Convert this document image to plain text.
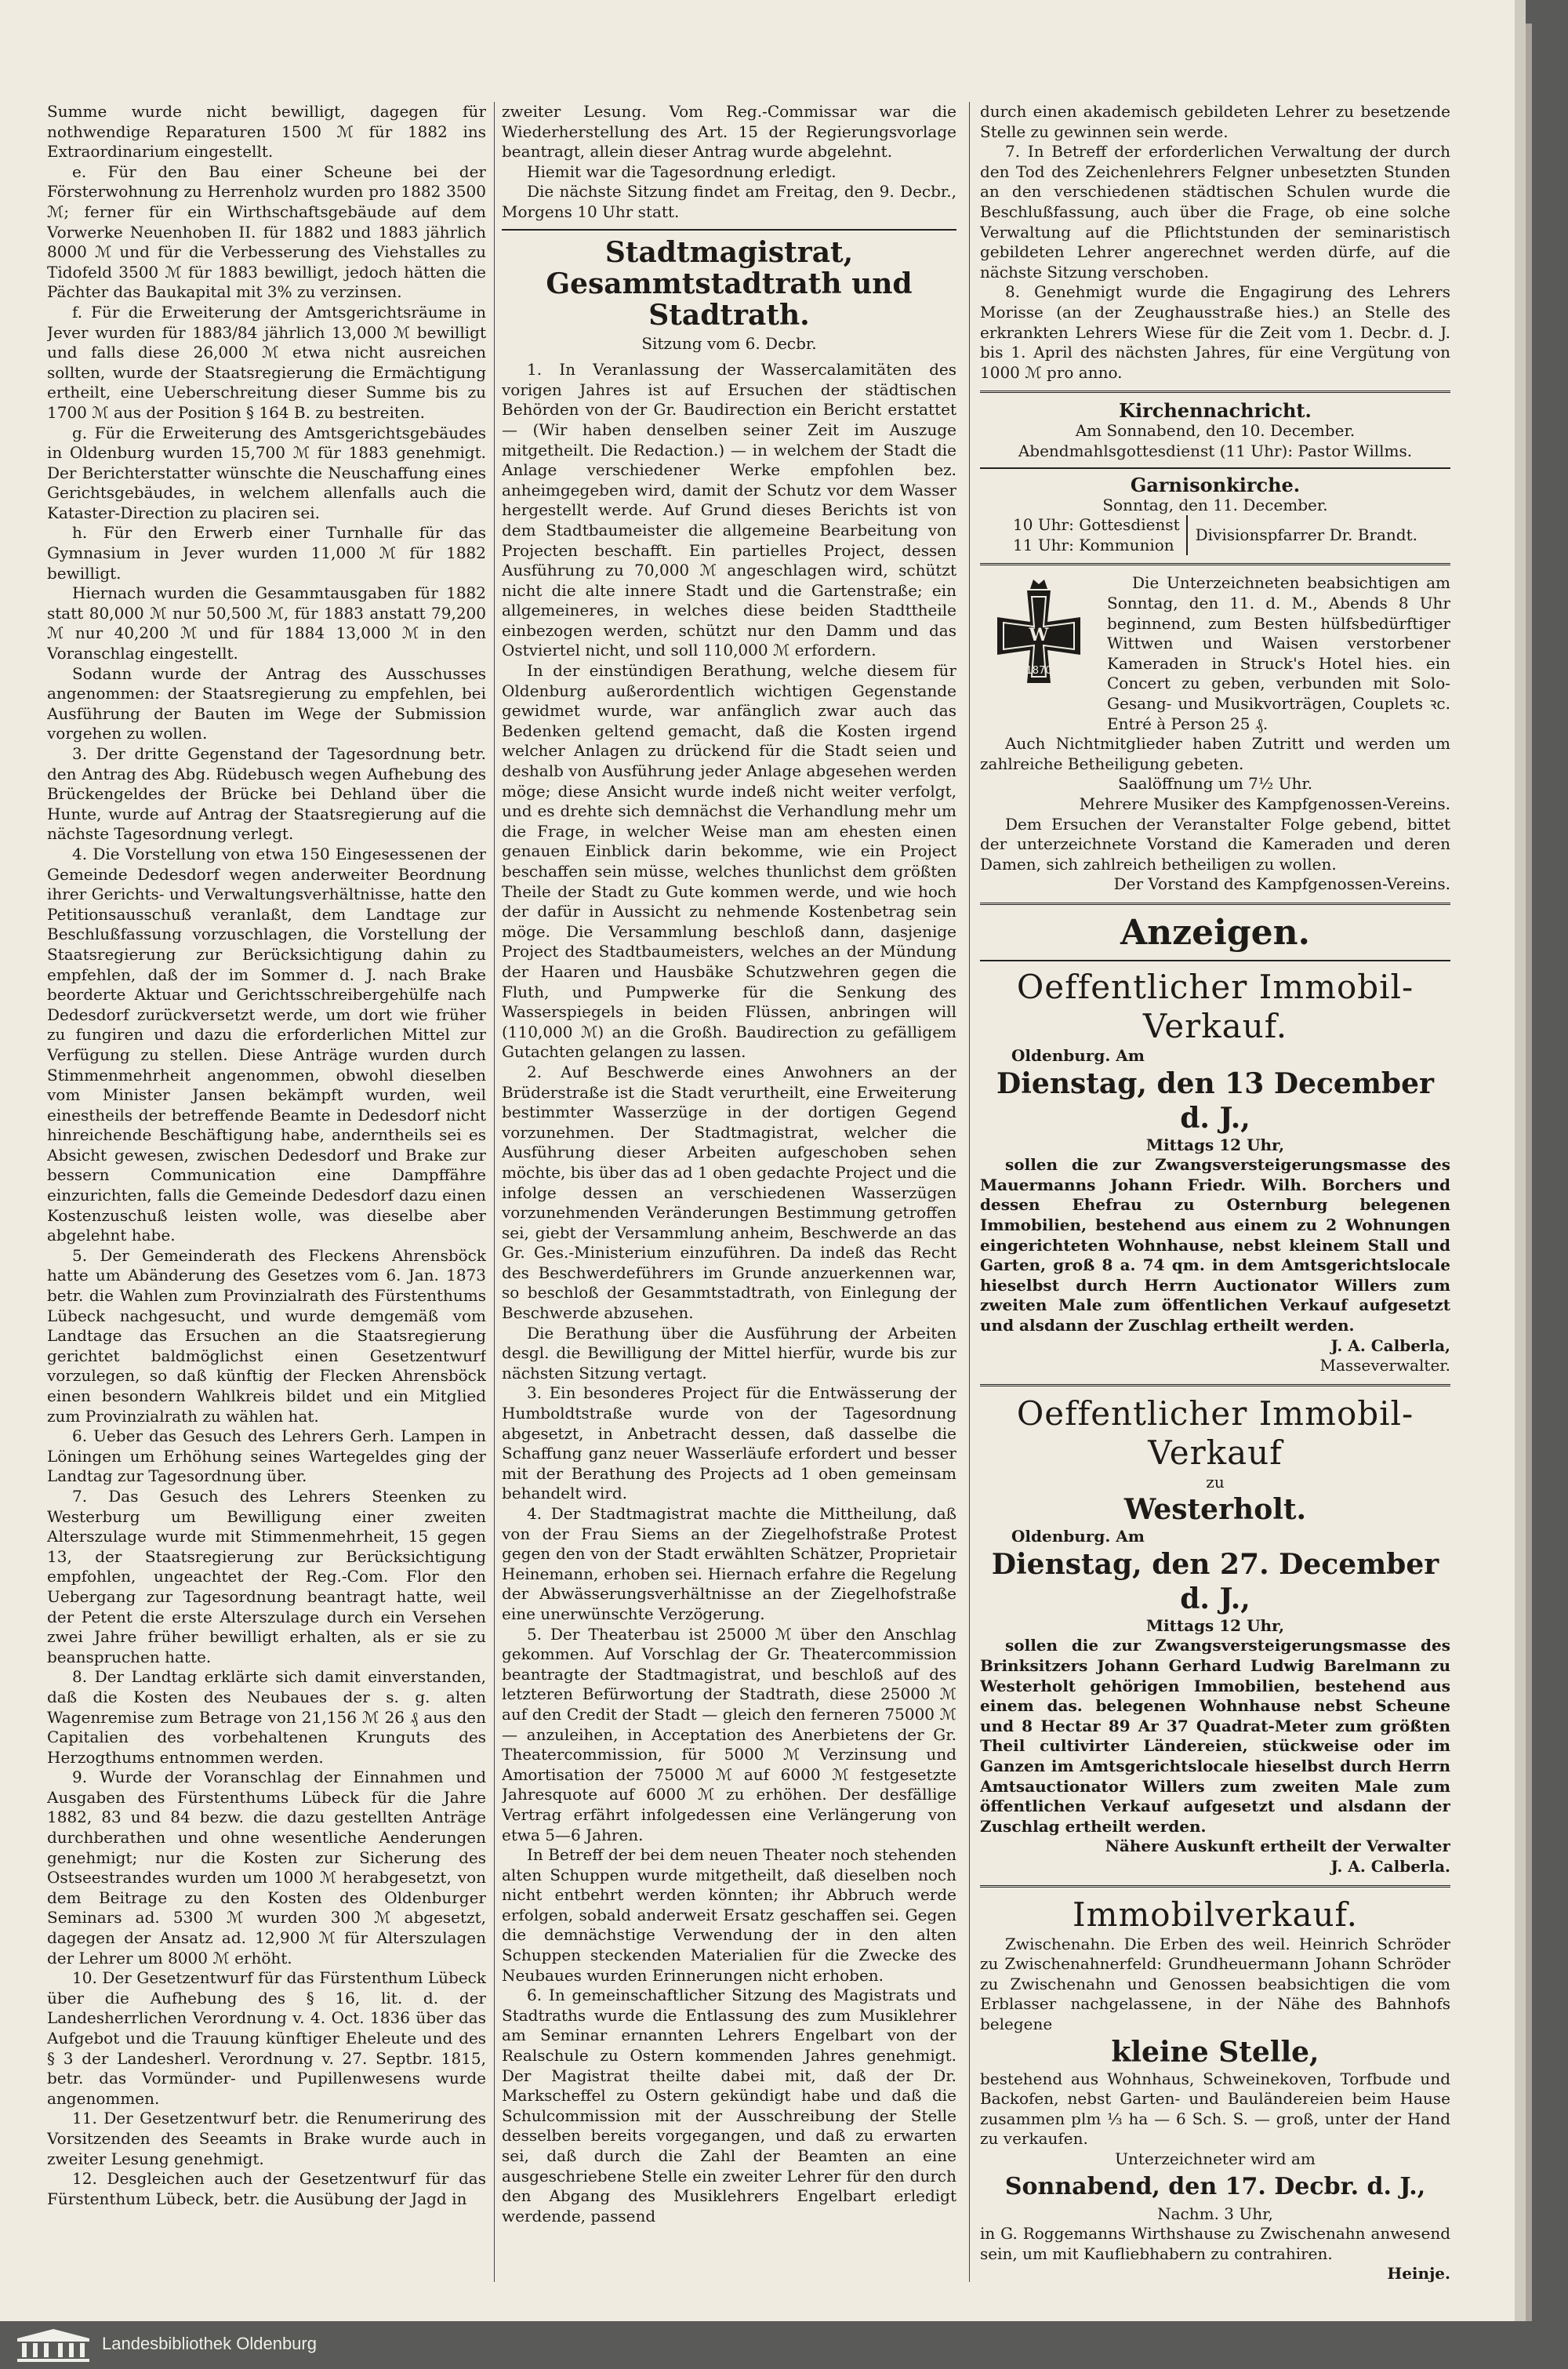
Summe wurde nicht bewilligt, dagegen für nothwendige Reparaturen 1500 ℳ für 1882 ins Extraordinarium eingestellt.

e. Für den Bau einer Scheune bei der Försterwohnung zu Herrenholz wurden pro 1882 3500 ℳ; ferner für ein Wirthschaftsgebäude auf dem Vorwerke Neuenhoben II. für 1882 und 1883 jährlich 8000 ℳ und für die Verbesserung des Viehstalles zu Tidofeld 3500 ℳ für 1883 bewilligt, jedoch hätten die Pächter das Baukapital mit 3% zu verzinsen.

f. Für die Erweiterung der Amtsgerichtsräume in Jever wurden für 1883/84 jährlich 13,000 ℳ bewilligt und falls diese 26,000 ℳ etwa nicht ausreichen sollten, wurde der Staatsregierung die Ermächtigung ertheilt, eine Ueberschreitung dieser Summe bis zu 1700 ℳ aus der Position § 164 B. zu bestreiten.

g. Für die Erweiterung des Amtsgerichtsgebäudes in Oldenburg wurden 15,700 ℳ für 1883 genehmigt. Der Berichterstatter wünschte die Neuschaffung eines Gerichtsgebäudes, in welchem allenfalls auch die Kataster-Direction zu placiren sei.

h. Für den Erwerb einer Turnhalle für das Gymnasium in Jever wurden 11,000 ℳ für 1882 bewilligt.

Hiernach wurden die Gesammtausgaben für 1882 statt 80,000 ℳ nur 50,500 ℳ, für 1883 anstatt 79,200 ℳ nur 40,200 ℳ und für 1884 13,000 ℳ in den Voranschlag eingestellt.

Sodann wurde der Antrag des Ausschusses angenommen: der Staatsregierung zu empfehlen, bei Ausführung der Bauten im Wege der Submission vorgehen zu wollen.

3. Der dritte Gegenstand der Tagesordnung betr. den Antrag des Abg. Rüdebusch wegen Aufhebung des Brückengeldes der Brücke bei Dehland über die Hunte, wurde auf Antrag der Staatsregierung auf die nächste Tagesordnung verlegt.

4. Die Vorstellung von etwa 150 Eingesessenen der Gemeinde Dedesdorf wegen anderweiter Beordnung ihrer Gerichts- und Verwaltungsverhältnisse, hatte den Petitionsausschuß veranlaßt, dem Landtage zur Beschlußfassung vorzuschlagen, die Vorstellung der Staatsregierung zur Berücksichtigung dahin zu empfehlen, daß der im Sommer d. J. nach Brake beorderte Aktuar und Gerichtsschreibergehülfe nach Dedesdorf zurückversetzt werde, um dort wie früher zu fungiren und dazu die erforderlichen Mittel zur Verfügung zu stellen. Diese Anträge wurden durch Stimmenmehrheit angenommen, obwohl dieselben vom Minister Jansen bekämpft wurden, weil einestheils der betreffende Beamte in Dedesdorf nicht hinreichende Beschäftigung habe, anderntheils sei es Absicht gewesen, zwischen Dedesdorf und Brake zur bessern Communication eine Dampffähre einzurichten, falls die Gemeinde Dedesdorf dazu einen Kostenzuschuß leisten wolle, was dieselbe aber abgelehnt habe.

5. Der Gemeinderath des Fleckens Ahrensböck hatte um Abänderung des Gesetzes vom 6. Jan. 1873 betr. die Wahlen zum Provinzialrath des Fürstenthums Lübeck nachgesucht, und wurde demgemäß vom Landtage das Ersuchen an die Staatsregierung gerichtet baldmöglichst einen Gesetzentwurf vorzulegen, so daß künftig der Flecken Ahrensböck einen besondern Wahlkreis bildet und ein Mitglied zum Provinzialrath zu wählen hat.

6. Ueber das Gesuch des Lehrers Gerh. Lampen in Löningen um Erhöhung seines Wartegeldes ging der Landtag zur Tagesordnung über.

7. Das Gesuch des Lehrers Steenken zu Westerburg um Bewilligung einer zweiten Alterszulage wurde mit Stimmenmehrheit, 15 gegen 13, der Staatsregierung zur Berücksichtigung empfohlen, ungeachtet der Reg.-Com. Flor den Uebergang zur Tagesordnung beantragt hatte, weil der Petent die erste Alterszulage durch ein Versehen zwei Jahre früher bewilligt erhalten, als er sie zu beanspruchen hatte.

8. Der Landtag erklärte sich damit einverstanden, daß die Kosten des Neubaues der s. g. alten Wagenremise zum Betrage von 21,156 ℳ 26 ₰ aus den Capitalien des vorbehaltenen Krunguts des Herzogthums entnommen werden.

9. Wurde der Voranschlag der Einnahmen und Ausgaben des Fürstenthums Lübeck für die Jahre 1882, 83 und 84 bezw. die dazu gestellten Anträge durchberathen und ohne wesentliche Aenderungen genehmigt; nur die Kosten zur Sicherung des Ostseestrandes wurden um 1000 ℳ herabgesetzt, von dem Beitrage zu den Kosten des Oldenburger Seminars ad. 5300 ℳ wurden 300 ℳ abgesetzt, dagegen der Ansatz ad. 12,900 ℳ für Alterszulagen der Lehrer um 8000 ℳ erhöht.

10. Der Gesetzentwurf für das Fürstenthum Lübeck über die Aufhebung des § 16, lit. d. der Landesherrlichen Verordnung v. 4. Oct. 1836 über das Aufgebot und die Trauung künftiger Eheleute und des § 3 der Landesherl. Verordnung v. 27. Septbr. 1815, betr. das Vormünder- und Pupillenwesens wurde angenommen.

11. Der Gesetzentwurf betr. die Renumerirung des Vorsitzenden des Seeamts in Brake wurde auch in zweiter Lesung genehmigt.

12. Desgleichen auch der Gesetzentwurf für das Fürstenthum Lübeck, betr. die Ausübung der Jagd in

zweiter Lesung. Vom Reg.-Commissar war die Wiederherstellung des Art. 15 der Regierungsvorlage beantragt, allein dieser Antrag wurde abgelehnt.

Hiemit war die Tagesordnung erledigt.

Die nächste Sitzung findet am Freitag, den 9. Decbr., Morgens 10 Uhr statt.

Stadtmagistrat, Gesammtstadtrath und Stadtrath.
Sitzung vom 6. Decbr.

1. In Veranlassung der Wassercalamitäten des vorigen Jahres ist auf Ersuchen der städtischen Behörden von der Gr. Baudirection ein Bericht erstattet — (Wir haben denselben seiner Zeit im Auszuge mitgetheilt. Die Redaction.) — in welchem der Stadt die Anlage verschiedener Werke empfohlen bez. anheimgegeben wird, damit der Schutz vor dem Wasser hergestellt werde. Auf Grund dieses Berichts ist von dem Stadtbaumeister die allgemeine Bearbeitung von Projecten beschafft. Ein partielles Project, dessen Ausführung zu 70,000 ℳ angeschlagen wird, schützt nicht die alte innere Stadt und die Gartenstraße; ein allgemeineres, in welches diese beiden Stadttheile einbezogen werden, schützt nur den Damm und das Ostviertel nicht, und soll 110,000 ℳ erfordern.

In der einstündigen Berathung, welche diesem für Oldenburg außerordentlich wichtigen Gegenstande gewidmet wurde, war anfänglich zwar auch das Bedenken geltend gemacht, daß die Kosten irgend welcher Anlagen zu drückend für die Stadt seien und deshalb von Ausführung jeder Anlage abgesehen werden möge; diese Ansicht wurde indeß nicht weiter verfolgt, und es drehte sich demnächst die Verhandlung mehr um die Frage, in welcher Weise man am ehesten einen genauen Einblick darin bekomme, wie ein Project beschaffen sein müsse, welches thunlichst dem größten Theile der Stadt zu Gute kommen werde, und wie hoch der dafür in Aussicht zu nehmende Kostenbetrag sein möge. Die Versammlung beschloß dann, dasjenige Project des Stadtbaumeisters, welches an der Mündung der Haaren und Hausbäke Schutzwehren gegen die Fluth, und Pumpwerke für die Senkung des Wasserspiegels in beiden Flüssen, anbringen will (110,000 ℳ) an die Großh. Baudirection zu gefälligem Gutachten gelangen zu lassen.

2. Auf Beschwerde eines Anwohners an der Brüderstraße ist die Stadt verurtheilt, eine Erweiterung bestimmter Wasserzüge in der dortigen Gegend vorzunehmen. Der Stadtmagistrat, welcher die Ausführung dieser Arbeiten aufgeschoben sehen möchte, bis über das ad 1 oben gedachte Project und die infolge dessen an verschiedenen Wasserzügen vorzunehmenden Veränderungen Bestimmung getroffen sei, giebt der Versammlung anheim, Beschwerde an das Gr. Ges.-Ministerium einzuführen. Da indeß das Recht des Beschwerdeführers im Grunde anzuerkennen war, so beschloß der Gesammtstadtrath, von Einlegung der Beschwerde abzusehen.

Die Berathung über die Ausführung der Arbeiten desgl. die Bewilligung der Mittel hierfür, wurde bis zur nächsten Sitzung vertagt.

3. Ein besonderes Project für die Entwässerung der Humboldtstraße wurde von der Tagesordnung abgesetzt, in Anbetracht dessen, daß dasselbe die Schaffung ganz neuer Wasserläufe erfordert und besser mit der Berathung des Projects ad 1 oben gemeinsam behandelt wird.

4. Der Stadtmagistrat machte die Mittheilung, daß von der Frau Siems an der Ziegelhofstraße Protest gegen den von der Stadt erwählten Schätzer, Proprietair Heinemann, erhoben sei. Hiernach erfahre die Regelung der Abwässerungsverhältnisse an der Ziegelhofstraße eine unerwünschte Verzögerung.

5. Der Theaterbau ist 25000 ℳ über den Anschlag gekommen. Auf Vorschlag der Gr. Theatercommission beantragte der Stadtmagistrat, und beschloß auf des letzteren Befürwortung der Stadtrath, diese 25000 ℳ auf den Credit der Stadt — gleich den ferneren 75000 ℳ — anzuleihen, in Acceptation des Anerbietens der Gr. Theatercommission, für 5000 ℳ Verzinsung und Amortisation der 75000 ℳ auf 6000 ℳ festgesetzte Jahresquote auf 6000 ℳ zu erhöhen. Der desfällige Vertrag erfährt infolgedessen eine Verlängerung von etwa 5—6 Jahren.

In Betreff der bei dem neuen Theater noch stehenden alten Schuppen wurde mitgetheilt, daß dieselben noch nicht entbehrt werden könnten; ihr Abbruch werde erfolgen, sobald anderweit Ersatz geschaffen sei. Gegen die demnächstige Verwendung der in den alten Schuppen steckenden Materialien für die Zwecke des Neubaues wurden Erinnerungen nicht erhoben.

6. In gemeinschaftlicher Sitzung des Magistrats und Stadtraths wurde die Entlassung des zum Musiklehrer am Seminar ernannten Lehrers Engelbart von der Realschule zu Ostern kommenden Jahres genehmigt. Der Magistrat theilte dabei mit, daß der Dr. Markscheffel zu Ostern gekündigt habe und daß die Schulcommission mit der Ausschreibung der Stelle desselben bereits vorgegangen, und daß zu erwarten sei, daß durch die Zahl der Beamten an eine ausgeschriebene Stelle ein zweiter Lehrer für den durch den Abgang des Musiklehrers Engelbart erledigt werdende, passend

durch einen akademisch gebildeten Lehrer zu besetzende Stelle zu gewinnen sein werde.

7. In Betreff der erforderlichen Verwaltung der durch den Tod des Zeichenlehrers Felgner unbesetzten Stunden an den verschiedenen städtischen Schulen wurde die Beschlußfassung, auch über die Frage, ob eine solche Verwaltung auf die Pflichtstunden der seminaristisch gebildeten Lehrer angerechnet werden dürfe, auf die nächste Sitzung verschoben.

8. Genehmigt wurde die Engagirung des Lehrers Morisse (an der Zeughausstraße hies.) an Stelle des erkrankten Lehrers Wiese für die Zeit vom 1. Decbr. d. J. bis 1. April des nächsten Jahres, für eine Vergütung von 1000 ℳ pro anno.

Kirchennachricht.
Am Sonnabend, den 10. December.
Abendmahlsgottesdienst (11 Uhr): Pastor Willms.
Garnisonkirche.
Sonntag, den 11. December.
10 Uhr: Gottesdienst
11 Uhr: Kommunion
Divisionspfarrer Dr. Brandt.
W
1870

Die Unterzeichneten beabsichtigen am Sonntag, den 11. d. M., Abends 8 Uhr beginnend, zum Besten hülfsbedürftiger Wittwen und Waisen verstorbener Kameraden in Struck's Hotel hies. ein Concert zu geben, verbunden mit Solo-Gesang- und Musikvorträgen, Couplets ꝛc. Entré à Person 25 ₰.

Auch Nichtmitglieder haben Zutritt und werden um zahlreiche Betheiligung gebeten.

Saalöffnung um 7½ Uhr.

Mehrere Musiker des Kampfgenossen-Vereins.

Dem Ersuchen der Veranstalter Folge gebend, bittet der unterzeichnete Vorstand die Kameraden und deren Damen, sich zahlreich betheiligen zu wollen.

Der Vorstand des Kampfgenossen-Vereins.

Anzeigen.
Oeffentlicher Immobil-Verkauf.
Oldenburg. Am
Dienstag, den 13 December d. J.,
Mittags 12 Uhr,

sollen die zur Zwangsversteigerungsmasse des Mauermanns Johann Friedr. Wilh. Borchers und dessen Ehefrau zu Osternburg belegenen Immobilien, bestehend aus einem zu 2 Wohnungen eingerichteten Wohnhause, nebst kleinem Stall und Garten, groß 8 a. 74 qm. in dem Amtsgerichtslocale hieselbst durch Herrn Auctionator Willers zum zweiten Male zum öffentlichen Verkauf aufgesetzt und alsdann der Zuschlag ertheilt werden.

J. A. Calberla,

Masseverwalter.

Oeffentlicher Immobil-Verkauf
zu
Westerholt.
Oldenburg. Am
Dienstag, den 27. December d. J.,
Mittags 12 Uhr,

sollen die zur Zwangsversteigerungsmasse des Brinksitzers Johann Gerhard Ludwig Barelmann zu Westerholt gehörigen Immobilien, bestehend aus einem das. belegenen Wohnhause nebst Scheune und 8 Hectar 89 Ar 37 Quadrat-Meter zum größten Theil cultivirter Ländereien, stückweise oder im Ganzen im Amtsgerichtslocale hieselbst durch Herrn Amtsauctionator Willers zum zweiten Male zum öffentlichen Verkauf aufgesetzt und alsdann der Zuschlag ertheilt werden.

Nähere Auskunft ertheilt der Verwalter

J. A. Calberla.

Immobilverkauf.

Zwischenahn. Die Erben des weil. Heinrich Schröder zu Zwischenahnerfeld: Grundheuermann Johann Schröder zu Zwischenahn und Genossen beabsichtigen die vom Erblasser nachgelassene, in der Nähe des Bahnhofs belegene

kleine Stelle,

bestehend aus Wohnhaus, Schweinekoven, Torfbude und Backofen, nebst Garten- und Bauländereien beim Hause zusammen plm ⅓ ha — 6 Sch. S. — groß, unter der Hand zu verkaufen.

Unterzeichneter wird am

Sonnabend, den 17. Decbr. d. J.,
Nachm. 3 Uhr,

in G. Roggemanns Wirthshause zu Zwischenahn anwesend sein, um mit Kaufliebhabern zu contrahiren.

Heinje.

Landesbibliothek Oldenburg
